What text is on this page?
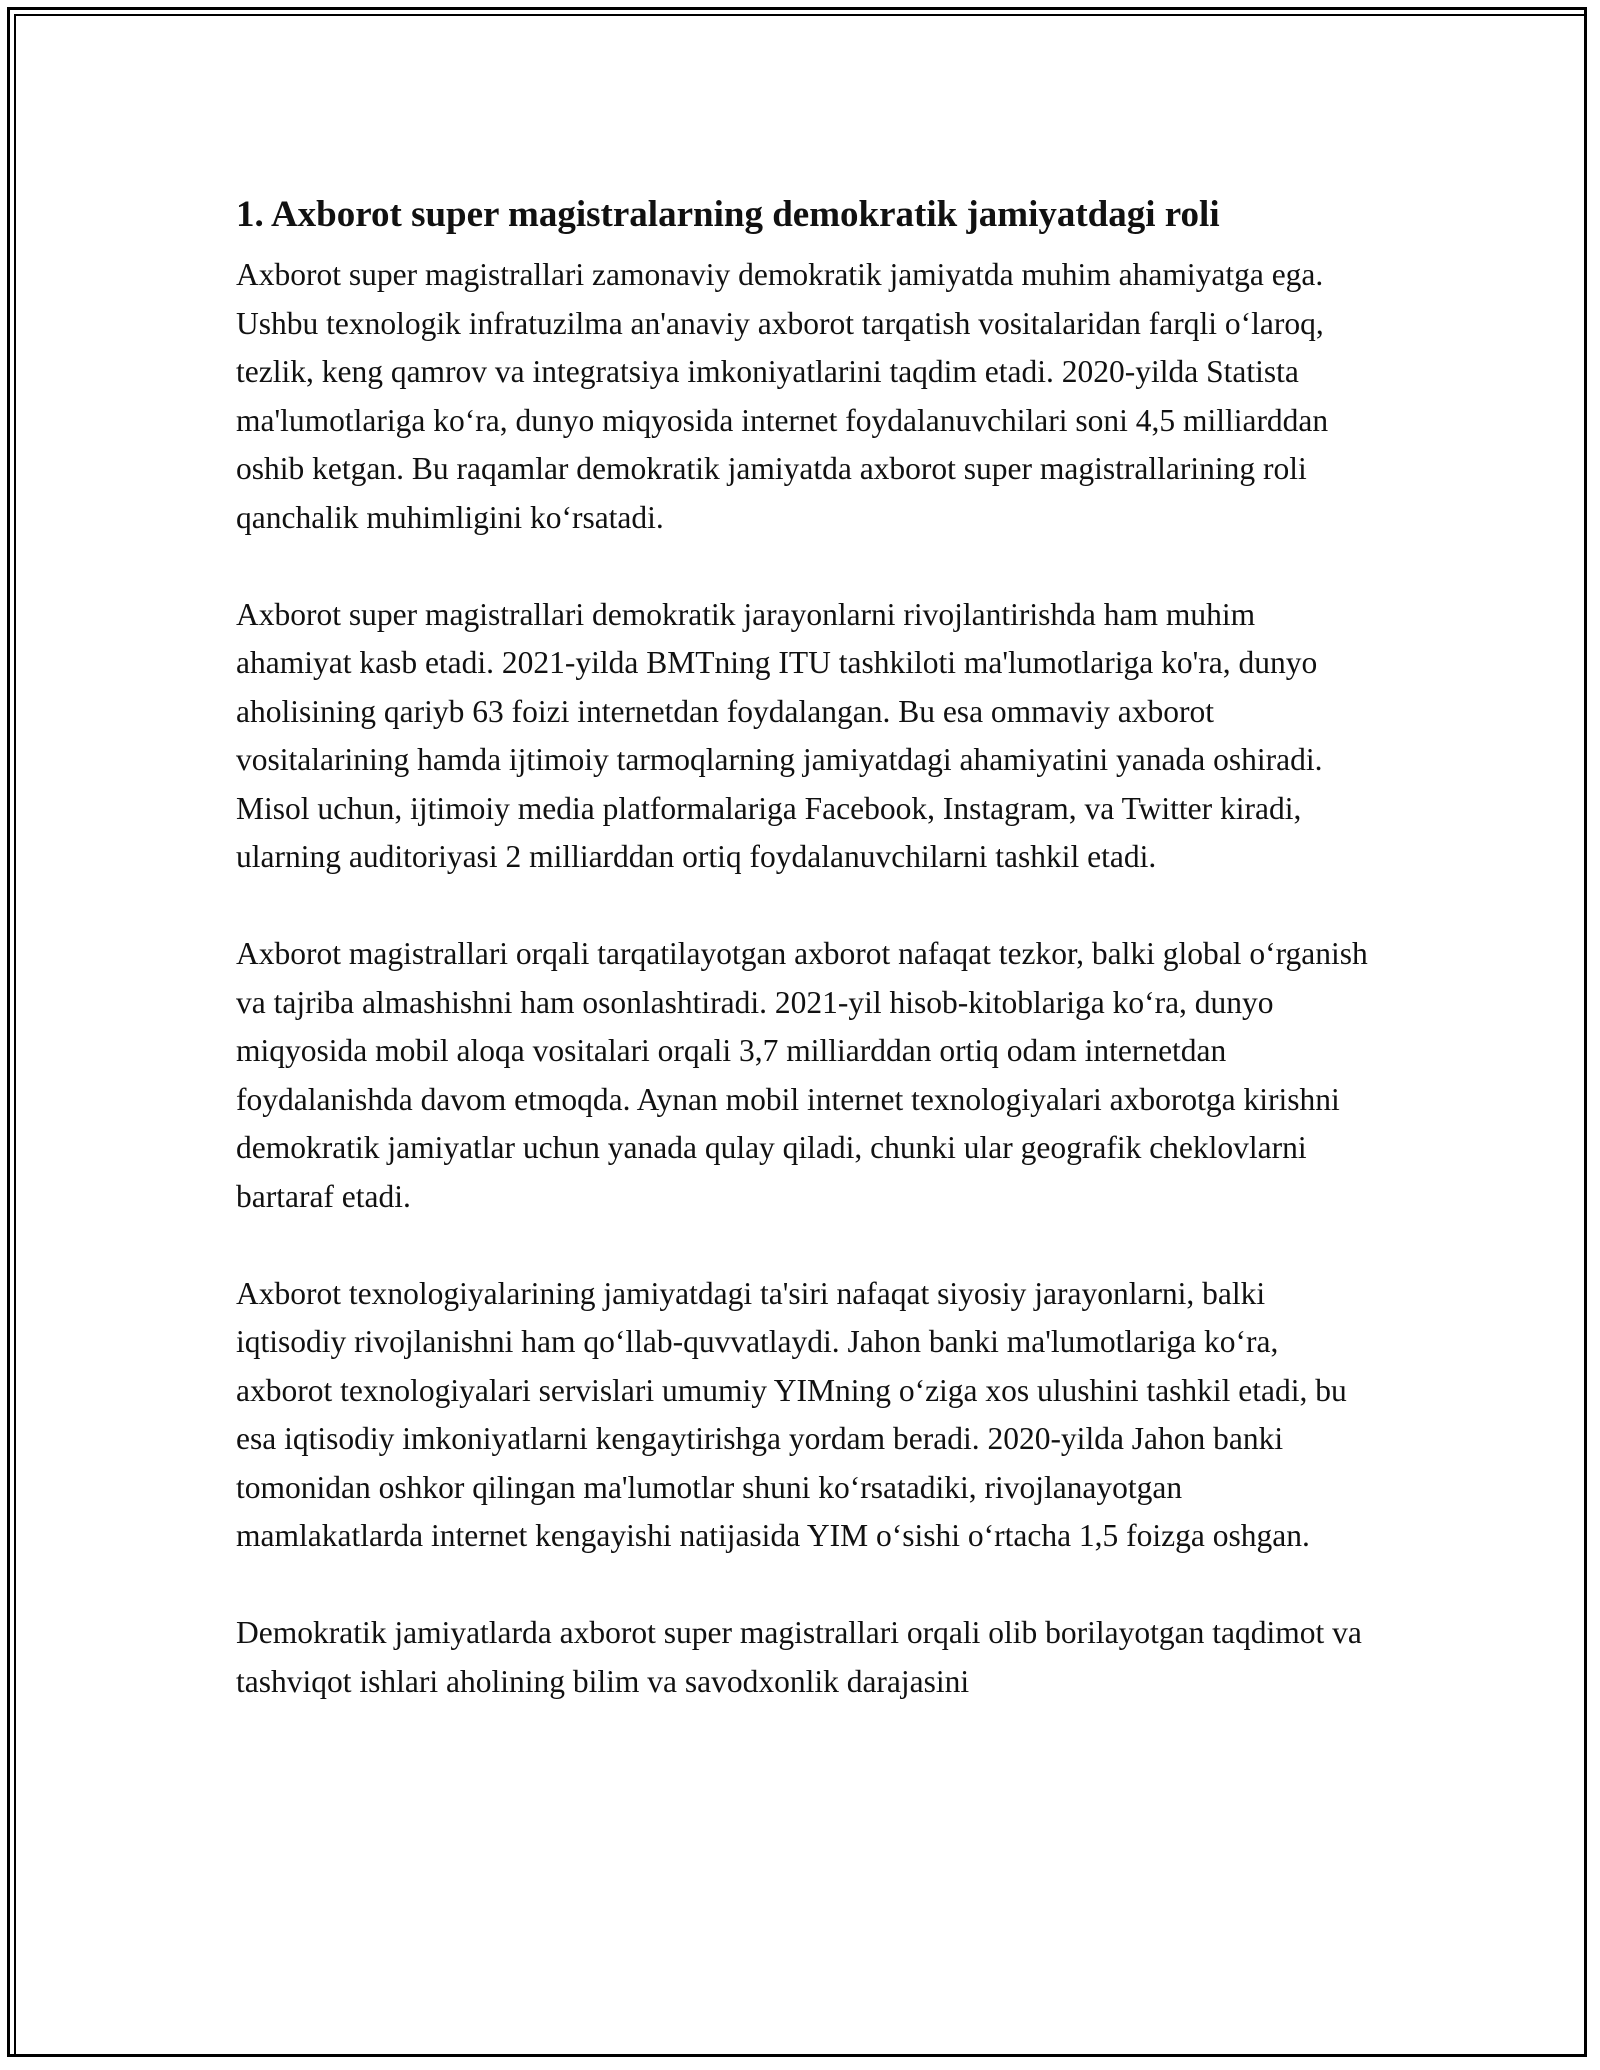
1. Axborot super magistralarning demokratik jamiyatdagi roli

Axborot super magistrallari zamonaviy demokratik jamiyatda muhim ahamiyatga ega. Ushbu texnologik infratuzilma an'anaviy axborot tarqatish vositalaridan farqli oʻlaroq, tezlik, keng qamrov va integratsiya imkoniyatlarini taqdim etadi. 2020-yilda Statista ma'lumotlariga koʻra, dunyo miqyosida internet foydalanuvchilari soni 4,5 milliarddan oshib ketgan. Bu raqamlar demokratik jamiyatda axborot super magistrallarining roli qanchalik muhimligini koʻrsatadi.

Axborot super magistrallari demokratik jarayonlarni rivojlantirishda ham muhim ahamiyat kasb etadi. 2021-yilda BMTning ITU tashkiloti ma'lumotlariga ko'ra, dunyo aholisining qariyb 63 foizi internetdan foydalangan. Bu esa ommaviy axborot vositalarining hamda ijtimoiy tarmoqlarning jamiyatdagi ahamiyatini yanada oshiradi. Misol uchun, ijtimoiy media platformalariga Facebook, Instagram, va Twitter kiradi, ularning auditoriyasi 2 milliarddan ortiq foydalanuvchilarni tashkil etadi.

Axborot magistrallari orqali tarqatilayotgan axborot nafaqat tezkor, balki global oʻrganish va tajriba almashishni ham osonlashtiradi. 2021-yil hisob-kitoblariga koʻra, dunyo miqyosida mobil aloqa vositalari orqali 3,7 milliarddan ortiq odam internetdan foydalanishda davom etmoqda. Aynan mobil internet texnologiyalari axborotga kirishni demokratik jamiyatlar uchun yanada qulay qiladi, chunki ular geografik cheklovlarni bartaraf etadi.

Axborot texnologiyalarining jamiyatdagi ta'siri nafaqat siyosiy jarayonlarni, balki iqtisodiy rivojlanishni ham qoʻllab-quvvatlaydi. Jahon banki ma'lumotlariga koʻra, axborot texnologiyalari servislari umumiy YIMning oʻziga xos ulushini tashkil etadi, bu esa iqtisodiy imkoniyatlarni kengaytirishga yordam beradi. 2020-yilda Jahon banki tomonidan oshkor qilingan ma'lumotlar shuni koʻrsatadiki, rivojlanayotgan mamlakatlarda internet kengayishi natijasida YIM oʻsishi oʻrtacha 1,5 foizga oshgan.

Demokratik jamiyatlarda axborot super magistrallari orqali olib borilayotgan taqdimot va tashviqot ishlari aholining bilim va savodxonlik darajasini
